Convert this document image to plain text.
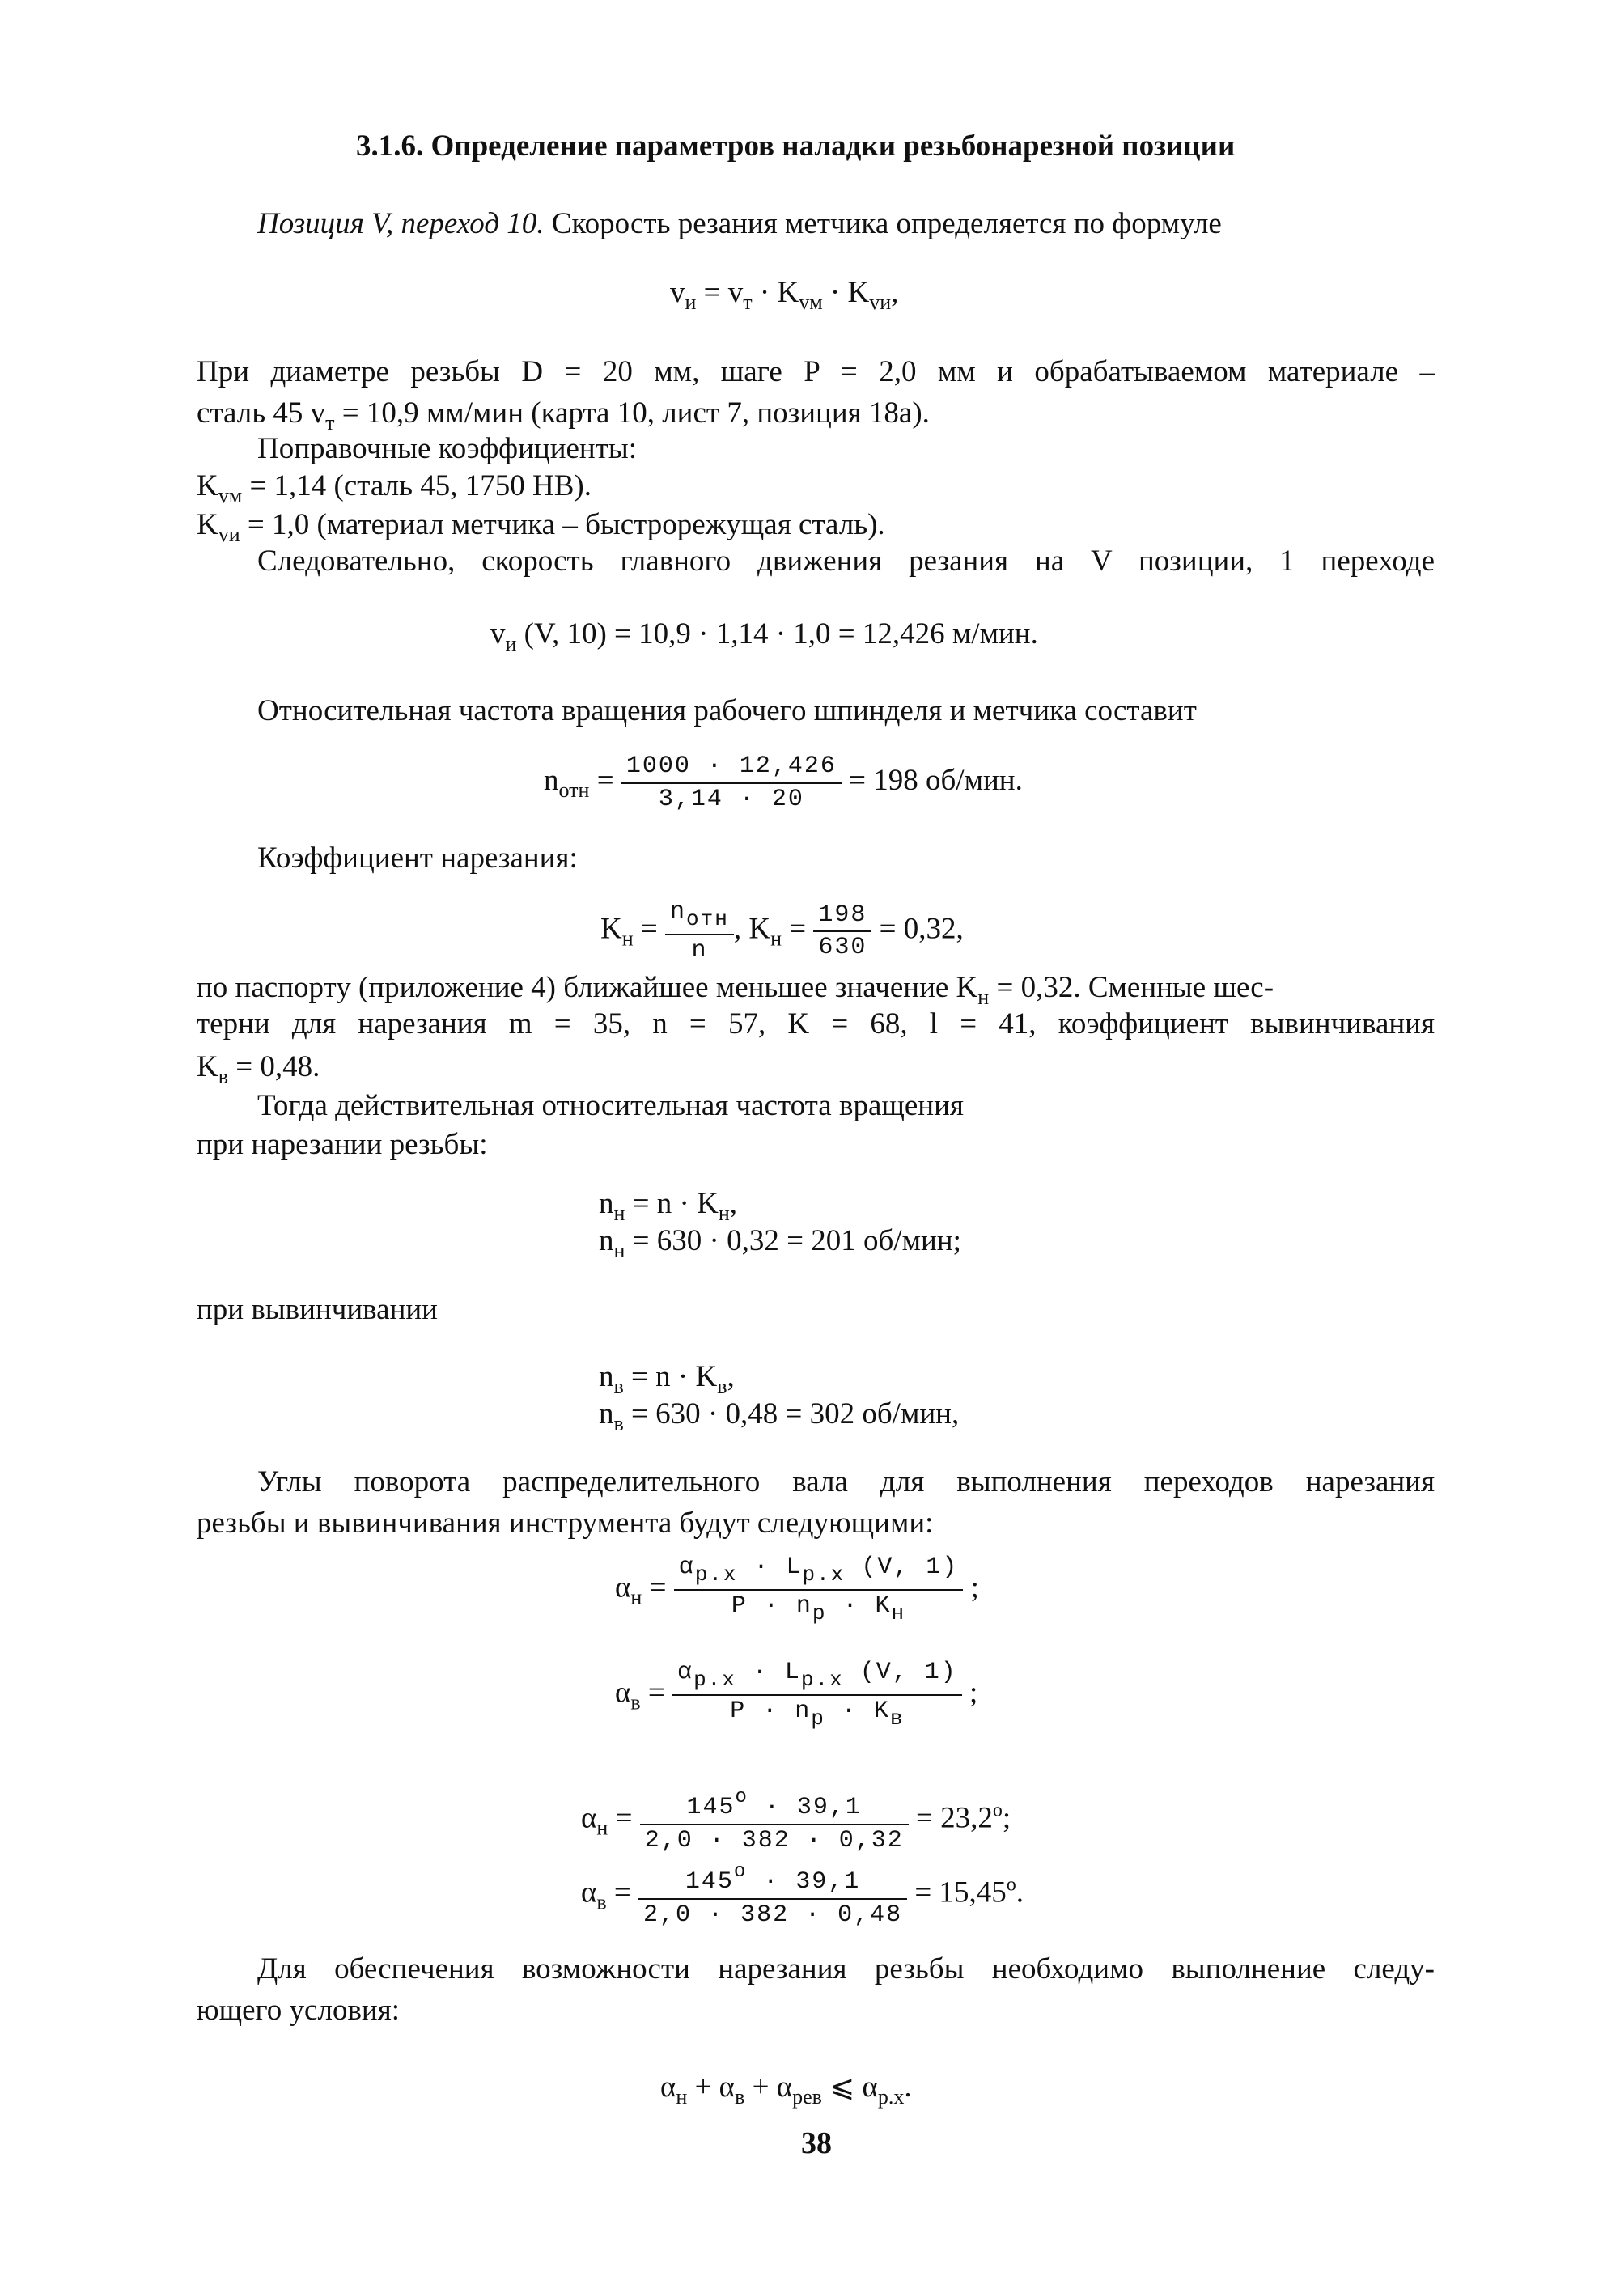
3.1.6. Определение параметров наладки резьбонарезной позиции
Позиция V, переход 10. Скорость резания метчика определяется по формуле
$v_и = v_т \cdot K_{vм} \cdot K_{vи}$,
При диаметре резьбы D = 20 мм, шаге P = 2,0 мм и обрабатываемом материале –
сталь 45 $v_т = 10,9$ мм/мин (карта 10, лист 7, позиция 18а).
Поправочные коэффициенты:
$K_{vм} = 1,14$ (сталь 45, 1750 HB).
$K_{vи} = 1,0$ (материал метчика – быстрорежущая сталь).
Следовательно, скорость главного движения резания на V позиции, 1 переходе
$v_и$ (V, 10) = 10,9 · 1,14 · 1,0 = 12,426 м/мин.
Относительная частота вращения рабочего шпинделя и метчика составит
$n_{отн} = \frac{1000 \cdot 12,426}{3,14 \cdot 20} = 198$ об/мин.
Коэффициент нарезания:
$K_н = \frac{\text{nотн}}{n}$ , $K_н = \frac{198}{630} = 0,32$,
по паспорту (приложение 4) ближайшее меньшее значение $K_н = 0,32$. Сменные шес-
терни для нарезания m = 35, n = 57, K = 68, l = 41, коэффициент вывинчивания
$K_в = 0,48$.
Тогда действительная относительная частота вращения
при нарезании резьбы:
$n_н = n \cdot K_н$,
$n_н = 630 \cdot 0,32 = 201$ об/мин;
при вывинчивании
$n_в = n \cdot K_в$,
$n_в = 630 \cdot 0,48 = 302$ об/мин,
Углы поворота распределительного вала для выполнения переходов нарезания
резьбы и вывинчивания инструмента будут следующими:
$\alpha_н = \frac{\alpha р.х \cdot Lр.х (V, 1)}{P \cdot nр \cdot Kн}$ ;
$\alpha_в = \frac{\alpha р.х \cdot Lр.х (V, 1)}{P \cdot nр \cdot Kв}$ ;
$\alpha_н = \frac{145^о \cdot 39,1}{2,0 \cdot 382 \cdot 0,32} = 23,2^о$;
$\alpha_в = \frac{145^о \cdot 39,1}{2,0 \cdot 382 \cdot 0,48} = 15,45^о$.
Для обеспечения возможности нарезания резьбы необходимо выполнение следу-
ющего условия:
$\alpha_н + \alpha_в + \alpha_{рев}$ ⩽ $\alpha_{р.х}$.
38
